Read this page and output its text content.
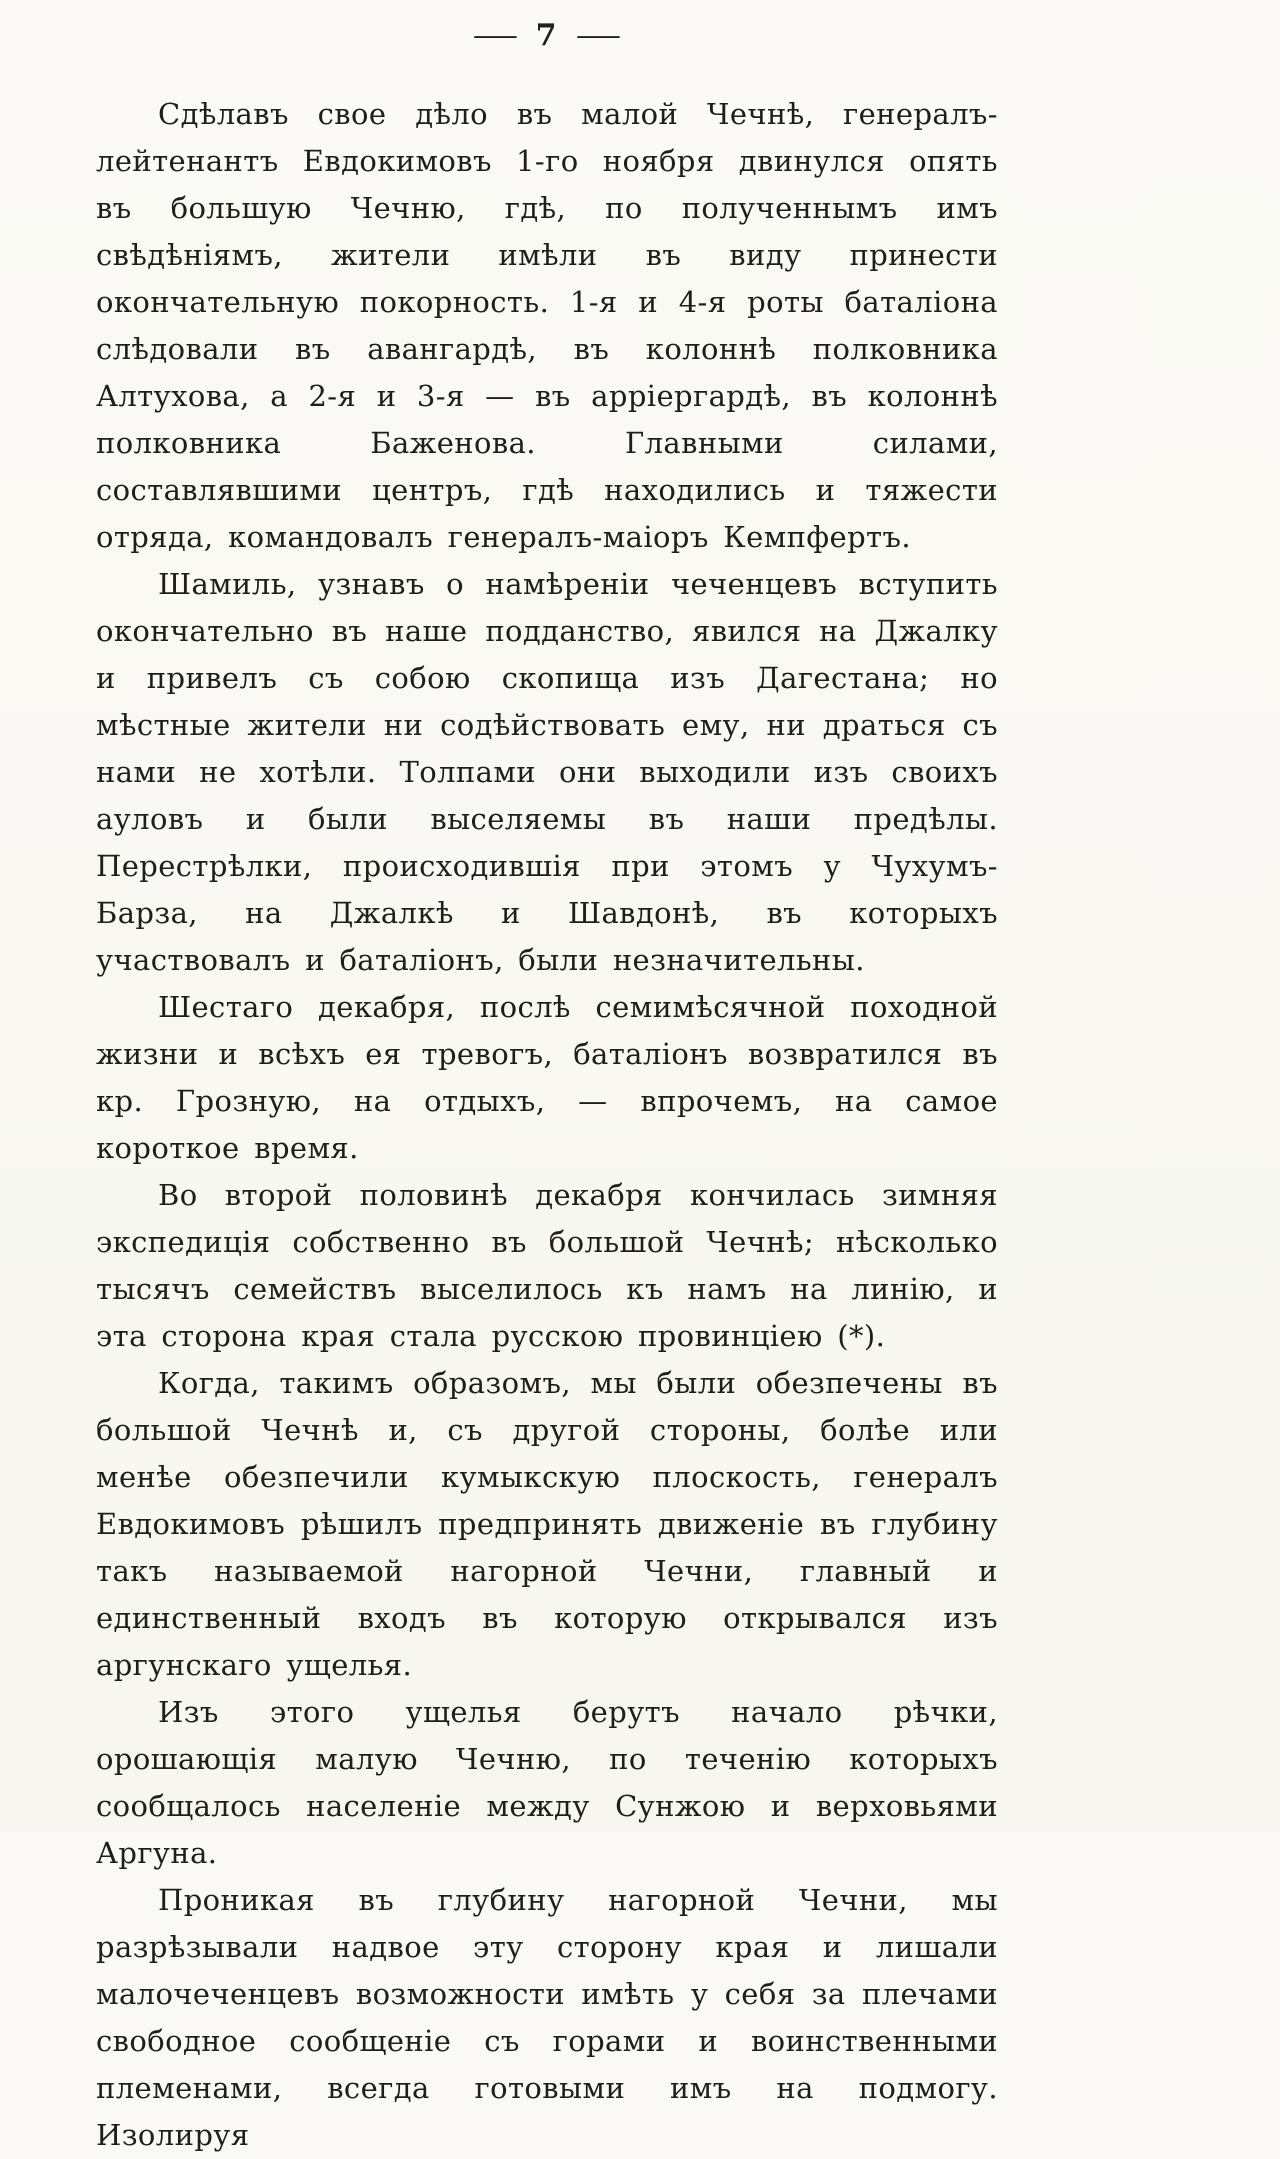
— 7 —

Сдѣлавъ свое дѣло въ малой Чечнѣ, генералъ-лейтенантъ Евдокимовъ 1-го ноября двинулся опять въ большую Чечню, гдѣ, по полученнымъ имъ свѣдѣніямъ, жители имѣли въ виду принести окончательную покорность. 1-я и 4-я роты баталіона слѣдовали въ авангардѣ, въ колоннѣ полковника Алтухова, а 2-я и 3-я — въ арріергардѣ, въ колоннѣ полковника Баженова. Главными силами, составлявшими центръ, гдѣ находились и тяжести отряда, командовалъ генералъ-маіоръ Кемпфертъ.

Шамиль, узнавъ о намѣреніи чеченцевъ вступить окончательно въ наше подданство, явился на Джалку и привелъ съ собою скопища изъ Дагестана; но мѣстные жители ни содѣйствовать ему, ни драться съ нами не хотѣли. Толпами они выходили изъ своихъ ауловъ и были выселяемы въ наши предѣлы. Перестрѣлки, происходившія при этомъ у Чухумъ-Барза, на Джалкѣ и Шавдонѣ, въ которыхъ участвовалъ и баталіонъ, были незначительны.

Шестаго декабря, послѣ семимѣсячной походной жизни и всѣхъ ея тревогъ, баталіонъ возвратился въ кр. Грозную, на отдыхъ, — впрочемъ, на самое короткое время.

Во второй половинѣ декабря кончилась зимняя экспедиція собственно въ большой Чечнѣ; нѣсколько тысячъ семействъ выселилось къ намъ на линію, и эта сторона края стала русскою провинціею (*).

Когда, такимъ образомъ, мы были обезпечены въ большой Чечнѣ и, съ другой стороны, болѣе или менѣе обезпечили кумыкскую плоскость, генералъ Евдокимовъ рѣшилъ предпринять движеніе въ глубину такъ называемой нагорной Чечни, главный и единственный входъ въ которую открывался изъ аргунскаго ущелья.

Изъ этого ущелья берутъ начало рѣчки, орошающія малую Чечню, по теченію которыхъ сообщалось населеніе между Сунжою и верховьями Аргуна.

Проникая въ глубину нагорной Чечни, мы разрѣзывали надвое эту сторону края и лишали малочеченцевъ возможности имѣть у себя за плечами свободное сообщеніе съ горами и воинственными племенами, всегда готовыми имъ на подмогу. Изолируя
